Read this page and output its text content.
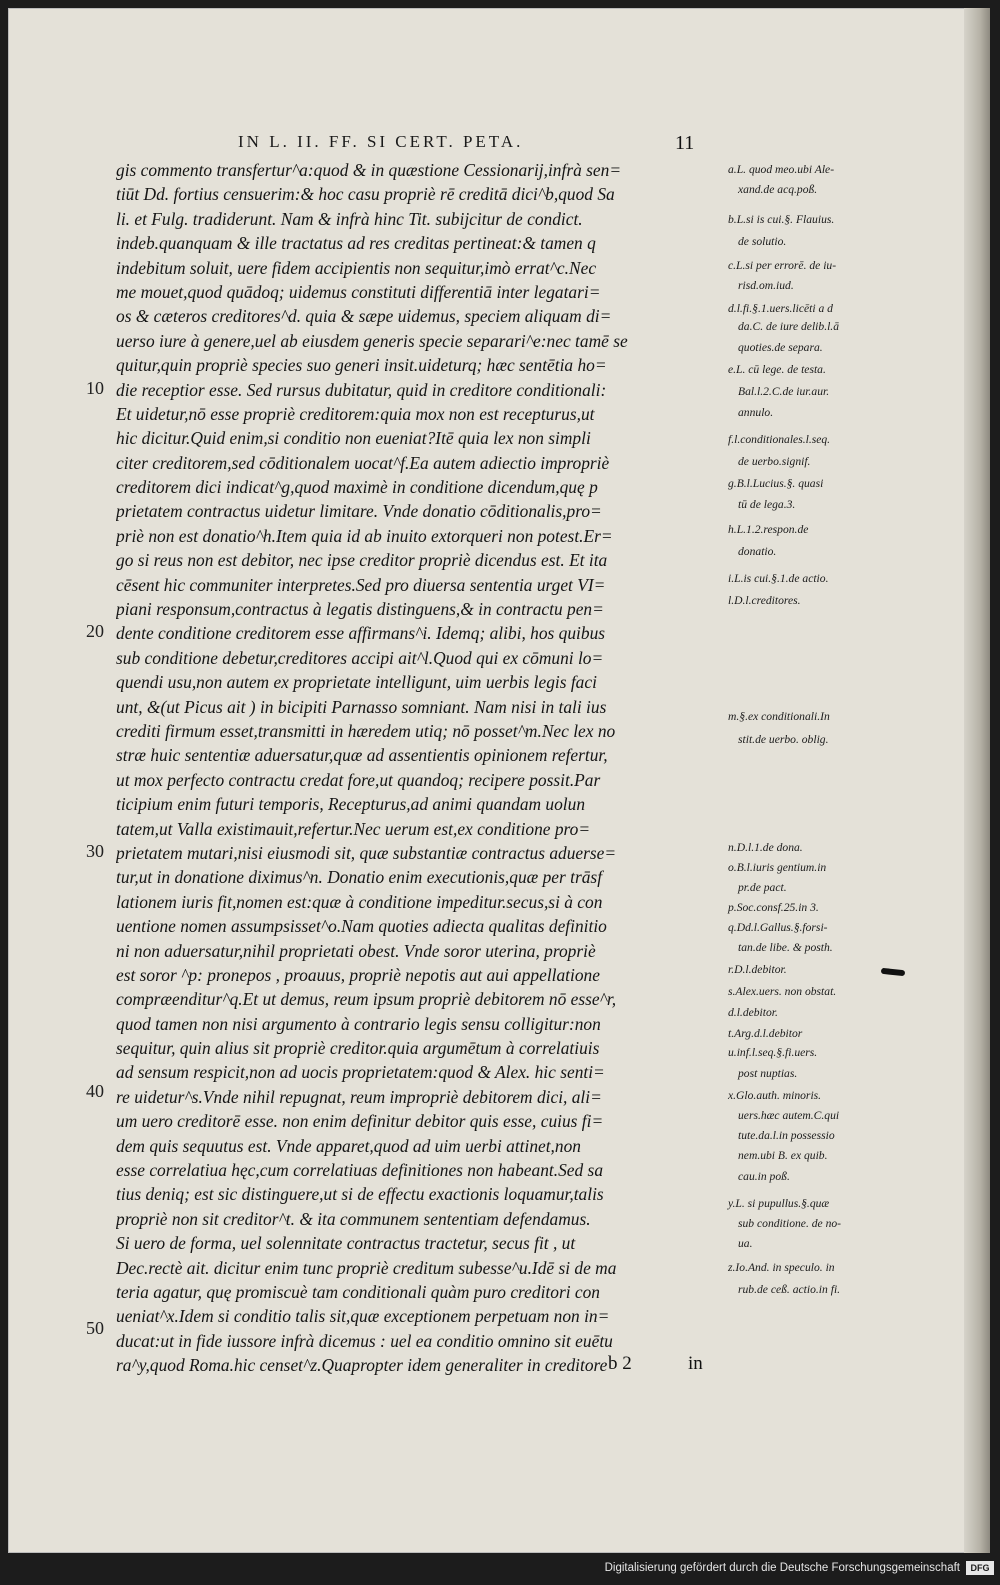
IN L. II. FF. SI CERT. PETA.	11
gis commento transfertur^a:quod & in quæstione Cessionarij,infrà sen=
tiūt Dd. fortius censuerim:& hoc casu propriè rē creditā dici^b,quod Sa
li. et Fulg. tradiderunt. Nam & infrà hinc Tit. subijcitur de condict.
indeb.quanquam & ille tractatus ad res creditas pertineat:& tamen q
indebitum soluit, uere fidem accipientis non sequitur,imò errat^c.Nec
me mouet,quod quādoq; uidemus constituti differentiā inter legatari=
os & cæteros creditores^d. quia & sæpe uidemus, speciem aliquam di=
uerso iure à genere,uel ab eiusdem generis specie separari^e:nec tamē se
quitur,quin propriè species suo generi insit.uideturq; hæc sentētia ho=
die receptior esse. Sed rursus dubitatur, quid in creditore conditionali:
Et uidetur,nō esse propriè creditorem:quia mox non est recepturus,ut
hic dicitur.Quid enim,si conditio non eueniat?Itē quia lex non simpli
citer creditorem,sed cōditionalem uocat^f.Ea autem adiectio impropriè
creditorem dici indicat^g,quod maximè in conditione dicendum,quę p
prietatem contractus uidetur limitare. Vnde donatio cōditionalis,pro=
priè non est donatio^h.Item quia id ab inuito extorqueri non potest.Er=
go si reus non est debitor, nec ipse creditor propriè dicendus est. Et ita
cēsent hic communiter interpretes.Sed pro diuersa sententia urget VI=
piani responsum,contractus à legatis distinguens,& in contractu pen=
dente conditione creditorem esse affirmans^i. Idemq; alibi, hos quibus
sub conditione debetur,creditores accipi ait^l.Quod qui ex cōmuni lo=
quendi usu,non autem ex proprietate intelligunt, uim uerbis legis faci
unt, &(ut Picus ait ) in bicipiti Parnasso somniant. Nam nisi in tali ius
crediti firmum esset,transmitti in hæredem utiq; nō posset^m.Nec lex no
stræ huic sententiæ aduersatur,quæ ad assentientis opinionem refertur,
ut mox perfecto contractu credat fore,ut quandoq; recipere possit.Par
ticipium enim futuri temporis, Recepturus,ad animi quandam uolun
tatem,ut Valla existimauit,refertur.Nec uerum est,ex conditione pro=
prietatem mutari,nisi eiusmodi sit, quæ substantiæ contractus aduerse=
tur,ut in donatione diximus^n. Donatio enim executionis,quæ per trāsf
lationem iuris fit,nomen est:quæ à conditione impeditur.secus,si à con
uentione nomen assumpsisset^o.Nam quoties adiecta qualitas definitio
ni non aduersatur,nihil proprietati obest. Vnde soror uterina, propriè
est soror ^p: pronepos , proauus, propriè nepotis aut aui appellatione
compræenditur^q.Et ut demus, reum ipsum propriè debitorem nō esse^r,
quod tamen non nisi argumento à contrario legis sensu colligitur:non
sequitur, quin alius sit propriè creditor.quia argumētum à correlatiuis
ad sensum respicit,non ad uocis proprietatem:quod & Alex. hic senti=
re uidetur^s.Vnde nihil repugnat, reum impropriè debitorem dici, ali=
um uero creditorē esse. non enim definitur debitor quis esse, cuius fi=
dem quis sequutus est. Vnde apparet,quod ad uim uerbi attinet,non
esse correlatiua hęc,cum correlatiuas definitiones non habeant.Sed sa
tius deniq; est sic distinguere,ut si de effectu exactionis loquamur,talis
propriè non sit creditor^t. & ita communem sententiam defendamus.
Si uero de forma, uel solennitate contractus tractetur, secus fit , ut
Dec.rectè ait. dicitur enim tunc propriè creditum subesse^u.Idē si de ma
teria agatur, quę promiscuè tam conditionali quàm puro creditori con
ueniat^x.Idem si conditio talis sit,quæ exceptionem perpetuam non in=
ducat:ut in fide iussore infrà dicemus : uel ea conditio omnino sit euētu
ra^y,quod Roma.hic censet^z.Quapropter idem generaliter in creditore
10
20
30
40
50
a.L. quod meo.ubi Ale-
xand.de acq.poß.
b.L.si is cui.§. Flauius.
de solutio.
c.L.si per errorē. de iu-
risd.om.iud.
d.l.fi.§.1.uers.licēti a d
da.C. de iure delib.l.ā
quoties.de separa.
e.L. cū lege. de testa.
Bal.l.2.C.de iur.aur.
annulo.
f.l.conditionales.l.seq.
de uerbo.signif.
g.B.l.Lucius.§. quasi
tū de lega.3.
h.L.1.2.respon.de
donatio.
i.L.is cui.§.1.de actio.
l.D.l.creditores.
m.§.ex conditionali.In
stit.de uerbo. oblig.
n.D.l.1.de dona.
o.B.l.iuris gentium.in
pr.de pact.
p.Soc.consf.25.in 3.
q.Dd.l.Gallus.§.forsi-
tan.de libe. & posth.
r.D.l.debitor.
s.Alex.uers. non obstat.
d.l.debitor.
t.Arg.d.l.debitor
u.inf.l.seq.§.fi.uers.
post nuptias.
x.Glo.auth. minoris.
uers.hæc autem.C.qui
tute.da.l.in possessio
nem.ubi B. ex quib.
cau.in poß.
y.L. si pupullus.§.quæ
sub conditione. de no-
ua.
z.Io.And. in speculo. in
rub.de ceß. actio.in fi.
b 2	in
Digitalisierung gefördert durch die Deutsche Forschungsgemeinschaft	DFG
